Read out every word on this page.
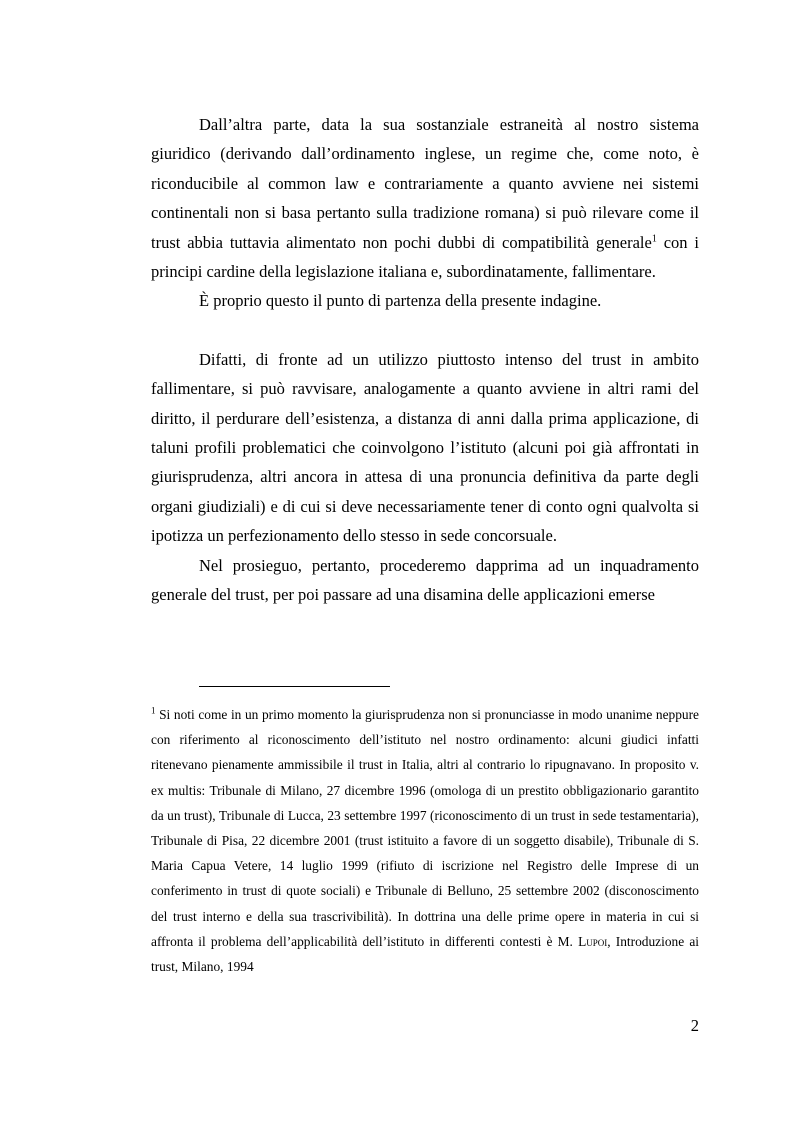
Dall’altra parte, data la sua sostanziale estraneità al nostro sistema giuridico (derivando dall’ordinamento inglese, un regime che, come noto, è riconducibile al common law e contrariamente a quanto avviene nei sistemi continentali non si basa pertanto sulla tradizione romana) si può rilevare come il trust abbia tuttavia alimentato non pochi dubbi di compatibilità generale$^1$ con i principi cardine della legislazione italiana e, subordinatamente, fallimentare.

È proprio questo il punto di partenza della presente indagine.

Difatti, di fronte ad un utilizzo piuttosto intenso del trust in ambito fallimentare, si può ravvisare, analogamente a quanto avviene in altri rami del diritto, il perdurare dell’esistenza, a distanza di anni dalla prima applicazione, di taluni profili problematici che coinvolgono l’istituto (alcuni poi già affrontati in giurisprudenza, altri ancora in attesa di una pronuncia definitiva da parte degli organi giudiziali) e di cui si deve necessariamente tener di conto ogni qualvolta si ipotizza un perfezionamento dello stesso in sede concorsuale.

Nel prosieguo, pertanto, procederemo dapprima ad un inquadramento generale del trust, per poi passare ad una disamina delle applicazioni emerse

$^1$ Si noti come in un primo momento la giurisprudenza non si pronunciasse in modo unanime neppure con riferimento al riconoscimento dell’istituto nel nostro ordinamento: alcuni giudici infatti ritenevano pienamente ammissibile il trust in Italia, altri al contrario lo ripugnavano. In proposito v. ex multis: Tribunale di Milano, 27 dicembre 1996 (omologa di un prestito obbligazionario garantito da un trust), Tribunale di Lucca, 23 settembre 1997 (riconoscimento di un trust in sede testamentaria), Tribunale di Pisa, 22 dicembre 2001 (trust istituito a favore di un soggetto disabile), Tribunale di S. Maria Capua Vetere, 14 luglio 1999 (rifiuto di iscrizione nel Registro delle Imprese di un conferimento in trust di quote sociali) e Tribunale di Belluno, 25 settembre 2002 (disconoscimento del trust interno e della sua trascrivibilità). In dottrina una delle prime opere in materia in cui si affronta il problema dell’applicabilità dell’istituto in differenti contesti è M. Lupoi, Introduzione ai trust, Milano, 1994

2
